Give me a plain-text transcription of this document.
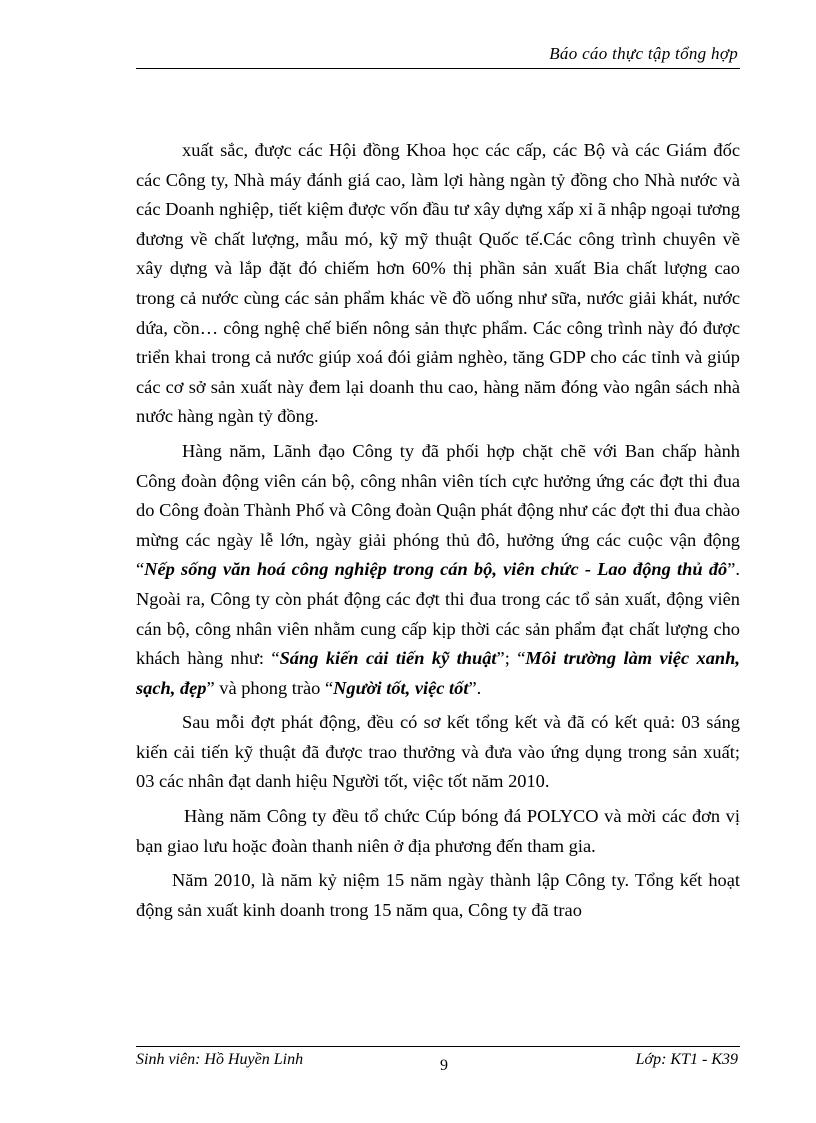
Báo cáo thực tập tổng hợp

xuất sắc, được các Hội đồng Khoa học các cấp, các Bộ và các Giám đốc các Công ty, Nhà máy đánh giá cao, làm lợi hàng ngàn tỷ đồng cho Nhà nước và các Doanh nghiệp, tiết kiệm được vốn đầu tư xây dựng xấp xỉ ã nhập ngoại tương đương về chất lượng, mẫu mó, kỹ mỹ thuật Quốc tế.Các công trình chuyên về xây dựng và lắp đặt đó chiếm hơn 60% thị phần sản xuất Bia chất lượng cao trong cả nước cùng các sản phẩm khác về đồ uống như sữa, nước giải khát, nước dứa, cồn… công nghệ chế biến nông sản thực phẩm. Các công trình này đó được triển khai trong cả nước giúp xoá đói giảm nghèo, tăng GDP cho các tỉnh và giúp các cơ sở sản xuất này đem lại doanh thu cao, hàng năm đóng vào ngân sách nhà nước hàng ngàn tỷ đồng.

Hàng năm, Lãnh đạo Công ty đã phối hợp chặt chẽ với Ban chấp hành Công đoàn động viên cán bộ, công nhân viên tích cực hưởng ứng các đợt thi đua do Công đoàn Thành Phố và Công đoàn Quận phát động như các đợt thi đua chào mừng các ngày lễ lớn, ngày giải phóng thủ đô, hưởng ứng các cuộc vận động “Nếp sống văn hoá công nghiệp trong cán bộ, viên chức - Lao động thủ đô”. Ngoài ra, Công ty còn phát động các đợt thi đua trong các tổ sản xuất, động viên cán bộ, công nhân viên nhằm cung cấp kịp thời các sản phẩm đạt chất lượng cho khách hàng như: “Sáng kiến cải tiến kỹ thuật”; “Môi trường làm việc xanh, sạch, đẹp” và phong trào “Người tốt, việc tốt”.

Sau mỗi đợt phát động, đều có sơ kết tổng kết và đã có kết quả: 03 sáng kiến cải tiến kỹ thuật đã được trao thưởng và đưa vào ứng dụng trong sản xuất; 03 các nhân đạt danh hiệu Người tốt, việc tốt năm 2010.

Hàng năm Công ty đều tổ chức Cúp bóng đá POLYCO và mời các đơn vị bạn giao lưu hoặc đoàn thanh niên ở địa phương đến tham gia.

Năm 2010, là năm kỷ niệm 15 năm ngày thành lập Công ty. Tổng kết hoạt động sản xuất kinh doanh trong 15 năm qua, Công ty đã trao

Sinh viên: Hồ Huyền Linh	9	Lớp: KT1 - K39
